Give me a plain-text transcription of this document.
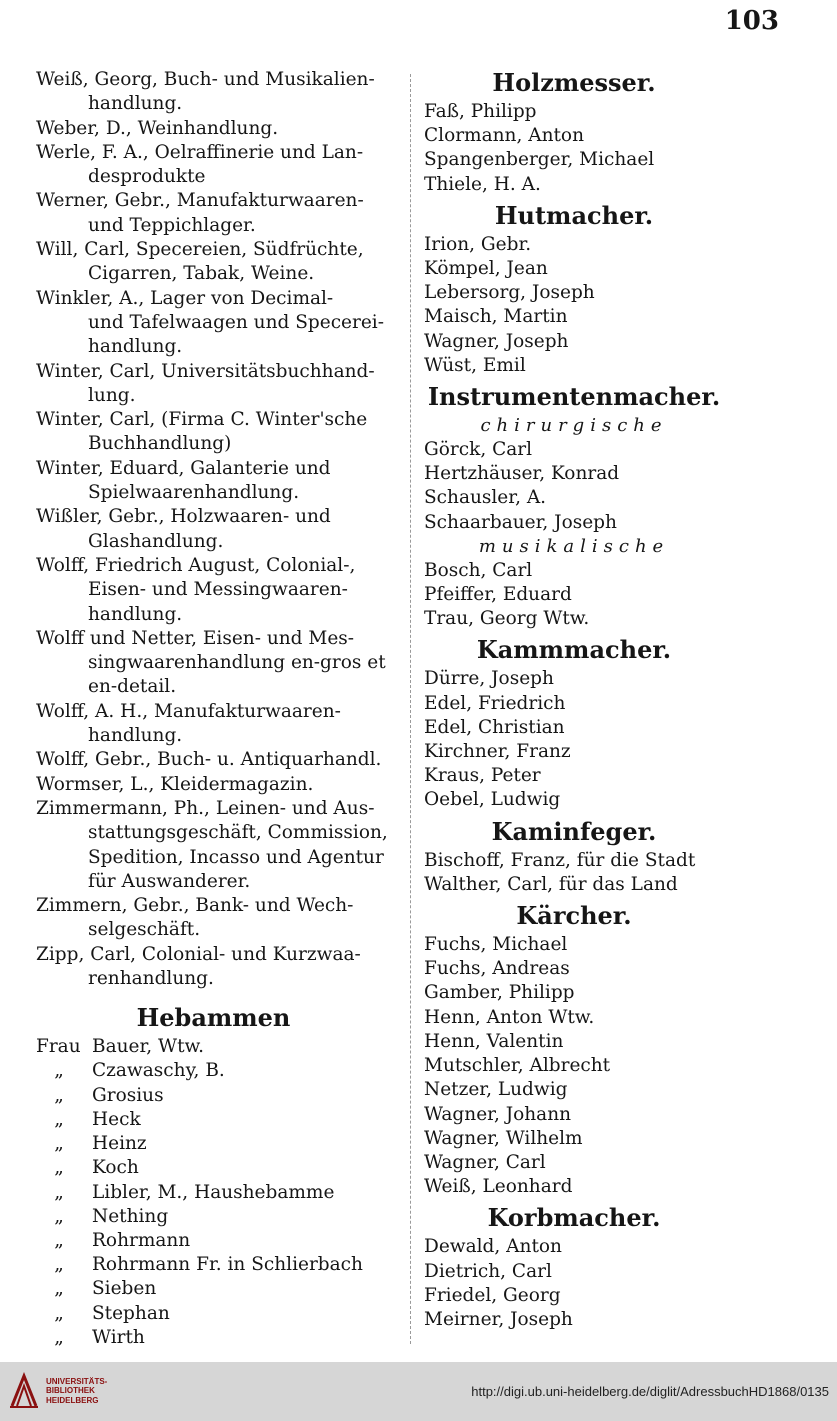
103
Weiß, Georg, Buch- und Musikalien-
handlung.
Weber, D., Weinhandlung.
Werle, F. A., Oelraffinerie und Lan-
desprodukte
Werner, Gebr., Manufakturwaaren-
und Teppichlager.
Will, Carl, Specereien, Südfrüchte,
Cigarren, Tabak, Weine.
Winkler, A., Lager von Decimal-
und Tafelwaagen und Specerei-
handlung.
Winter, Carl, Universitätsbuchhand-
lung.
Winter, Carl, (Firma C. Winter'sche
Buchhandlung)
Winter, Eduard, Galanterie und
Spielwaarenhandlung.
Wißler, Gebr., Holzwaaren- und
Glashandlung.
Wolff, Friedrich August, Colonial-,
Eisen- und Messingwaaren-
handlung.
Wolff und Netter, Eisen- und Mes-
singwaarenhandlung en-gros et
en-detail.
Wolff, A. H., Manufakturwaaren-
handlung.
Wolff, Gebr., Buch- u. Antiquarhandl.
Wormser, L., Kleidermagazin.
Zimmermann, Ph., Leinen- und Aus-
stattungsgeschäft, Commission,
Spedition, Incasso und Agentur
für Auswanderer.
Zimmern, Gebr., Bank- und Wech-
selgeschäft.
Zipp, Carl, Colonial- und Kurzwaa-
renhandlung.
Hebammen
Frau Bauer, Wtw.
„	Czawaschy, B.
„	Grosius
„	Heck
„	Heinz
„	Koch
„	Libler, M., Haushebamme
„	Nething
„	Rohrmann
„	Rohrmann Fr. in Schlierbach
„	Sieben
„	Stephan
„	Wirth
Holzmesser.
Faß, Philipp
Clormann, Anton
Spangenberger, Michael
Thiele, H. A.
Hutmacher.
Irion, Gebr.
Kömpel, Jean
Lebersorg, Joseph
Maisch, Martin
Wagner, Joseph
Wüst, Emil
Instrumentenmacher.
chirurgische
Görck, Carl
Hertzhäuser, Konrad
Schausler, A.
Schaarbauer, Joseph
musikalische
Bosch, Carl
Pfeiffer, Eduard
Trau, Georg Wtw.
Kammmacher.
Dürre, Joseph
Edel, Friedrich
Edel, Christian
Kirchner, Franz
Kraus, Peter
Oebel, Ludwig
Kaminfeger.
Bischoff, Franz, für die Stadt
Walther, Carl, für das Land
Kärcher.
Fuchs, Michael
Fuchs, Andreas
Gamber, Philipp
Henn, Anton Wtw.
Henn, Valentin
Mutschler, Albrecht
Netzer, Ludwig
Wagner, Johann
Wagner, Wilhelm
Wagner, Carl
Weiß, Leonhard
Korbmacher.
Dewald, Anton
Dietrich, Carl
Friedel, Georg
Meirner, Joseph
UNIVERSITÄTS-
BIBLIOTHEK
HEIDELBERG
http://digi.ub.uni-heidelberg.de/diglit/AdressbuchHD1868/0135
